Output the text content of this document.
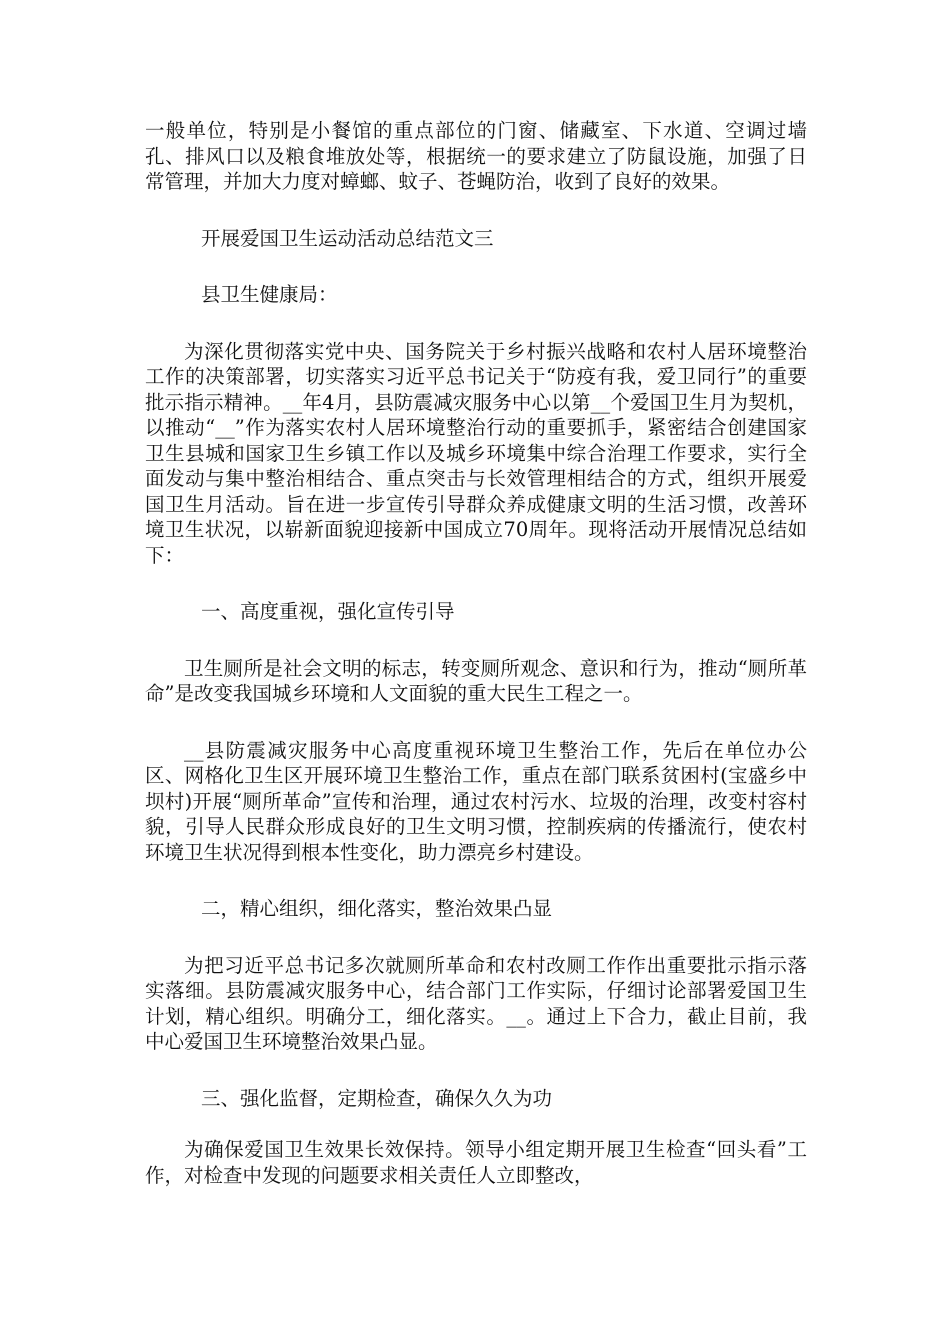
一般单位，特别是小餐馆的重点部位的门窗、储藏室、下水道、空调过墙孔、排风口以及粮食堆放处等，根据统一的要求建立了防鼠设施，加强了日常管理，并加大力度对蟑螂、蚊子、苍蝇防治，收到了良好的效果。

开展爱国卫生运动活动总结范文三

县卫生健康局：

为深化贯彻落实党中央、国务院关于乡村振兴战略和农村人居环境整治工作的决策部署，切实落实习近平总书记关于“防疫有我，爱卫同行”的重要批示指示精神。__年4月，县防震减灾服务中心以第__个爱国卫生月为契机，以推动“__”作为落实农村人居环境整治行动的重要抓手，紧密结合创建国家卫生县城和国家卫生乡镇工作以及城乡环境集中综合治理工作要求，实行全面发动与集中整治相结合、重点突击与长效管理相结合的方式，组织开展爱国卫生月活动。旨在进一步宣传引导群众养成健康文明的生活习惯，改善环境卫生状况，以崭新面貌迎接新中国成立70周年。现将活动开展情况总结如下：

一、高度重视，强化宣传引导

卫生厕所是社会文明的标志，转变厕所观念、意识和行为，推动“厕所革命”是改变我国城乡环境和人文面貌的重大民生工程之一。

__县防震减灾服务中心高度重视环境卫生整治工作，先后在单位办公区、网格化卫生区开展环境卫生整治工作，重点在部门联系贫困村(宝盛乡中坝村)开展“厕所革命”宣传和治理，通过农村污水、垃圾的治理，改变村容村貌，引导人民群众形成良好的卫生文明习惯，控制疾病的传播流行，使农村环境卫生状况得到根本性变化，助力漂亮乡村建设。

二，精心组织，细化落实，整治效果凸显

为把习近平总书记多次就厕所革命和农村改厕工作作出重要批示指示落实落细。县防震减灾服务中心，结合部门工作实际，仔细讨论部署爱国卫生计划，精心组织。明确分工，细化落实。__。通过上下合力，截止目前，我中心爱国卫生环境整治效果凸显。

三、强化监督，定期检查，确保久久为功

为确保爱国卫生效果长效保持。领导小组定期开展卫生检查“回头看”工作，对检查中发现的问题要求相关责任人立即整改，
